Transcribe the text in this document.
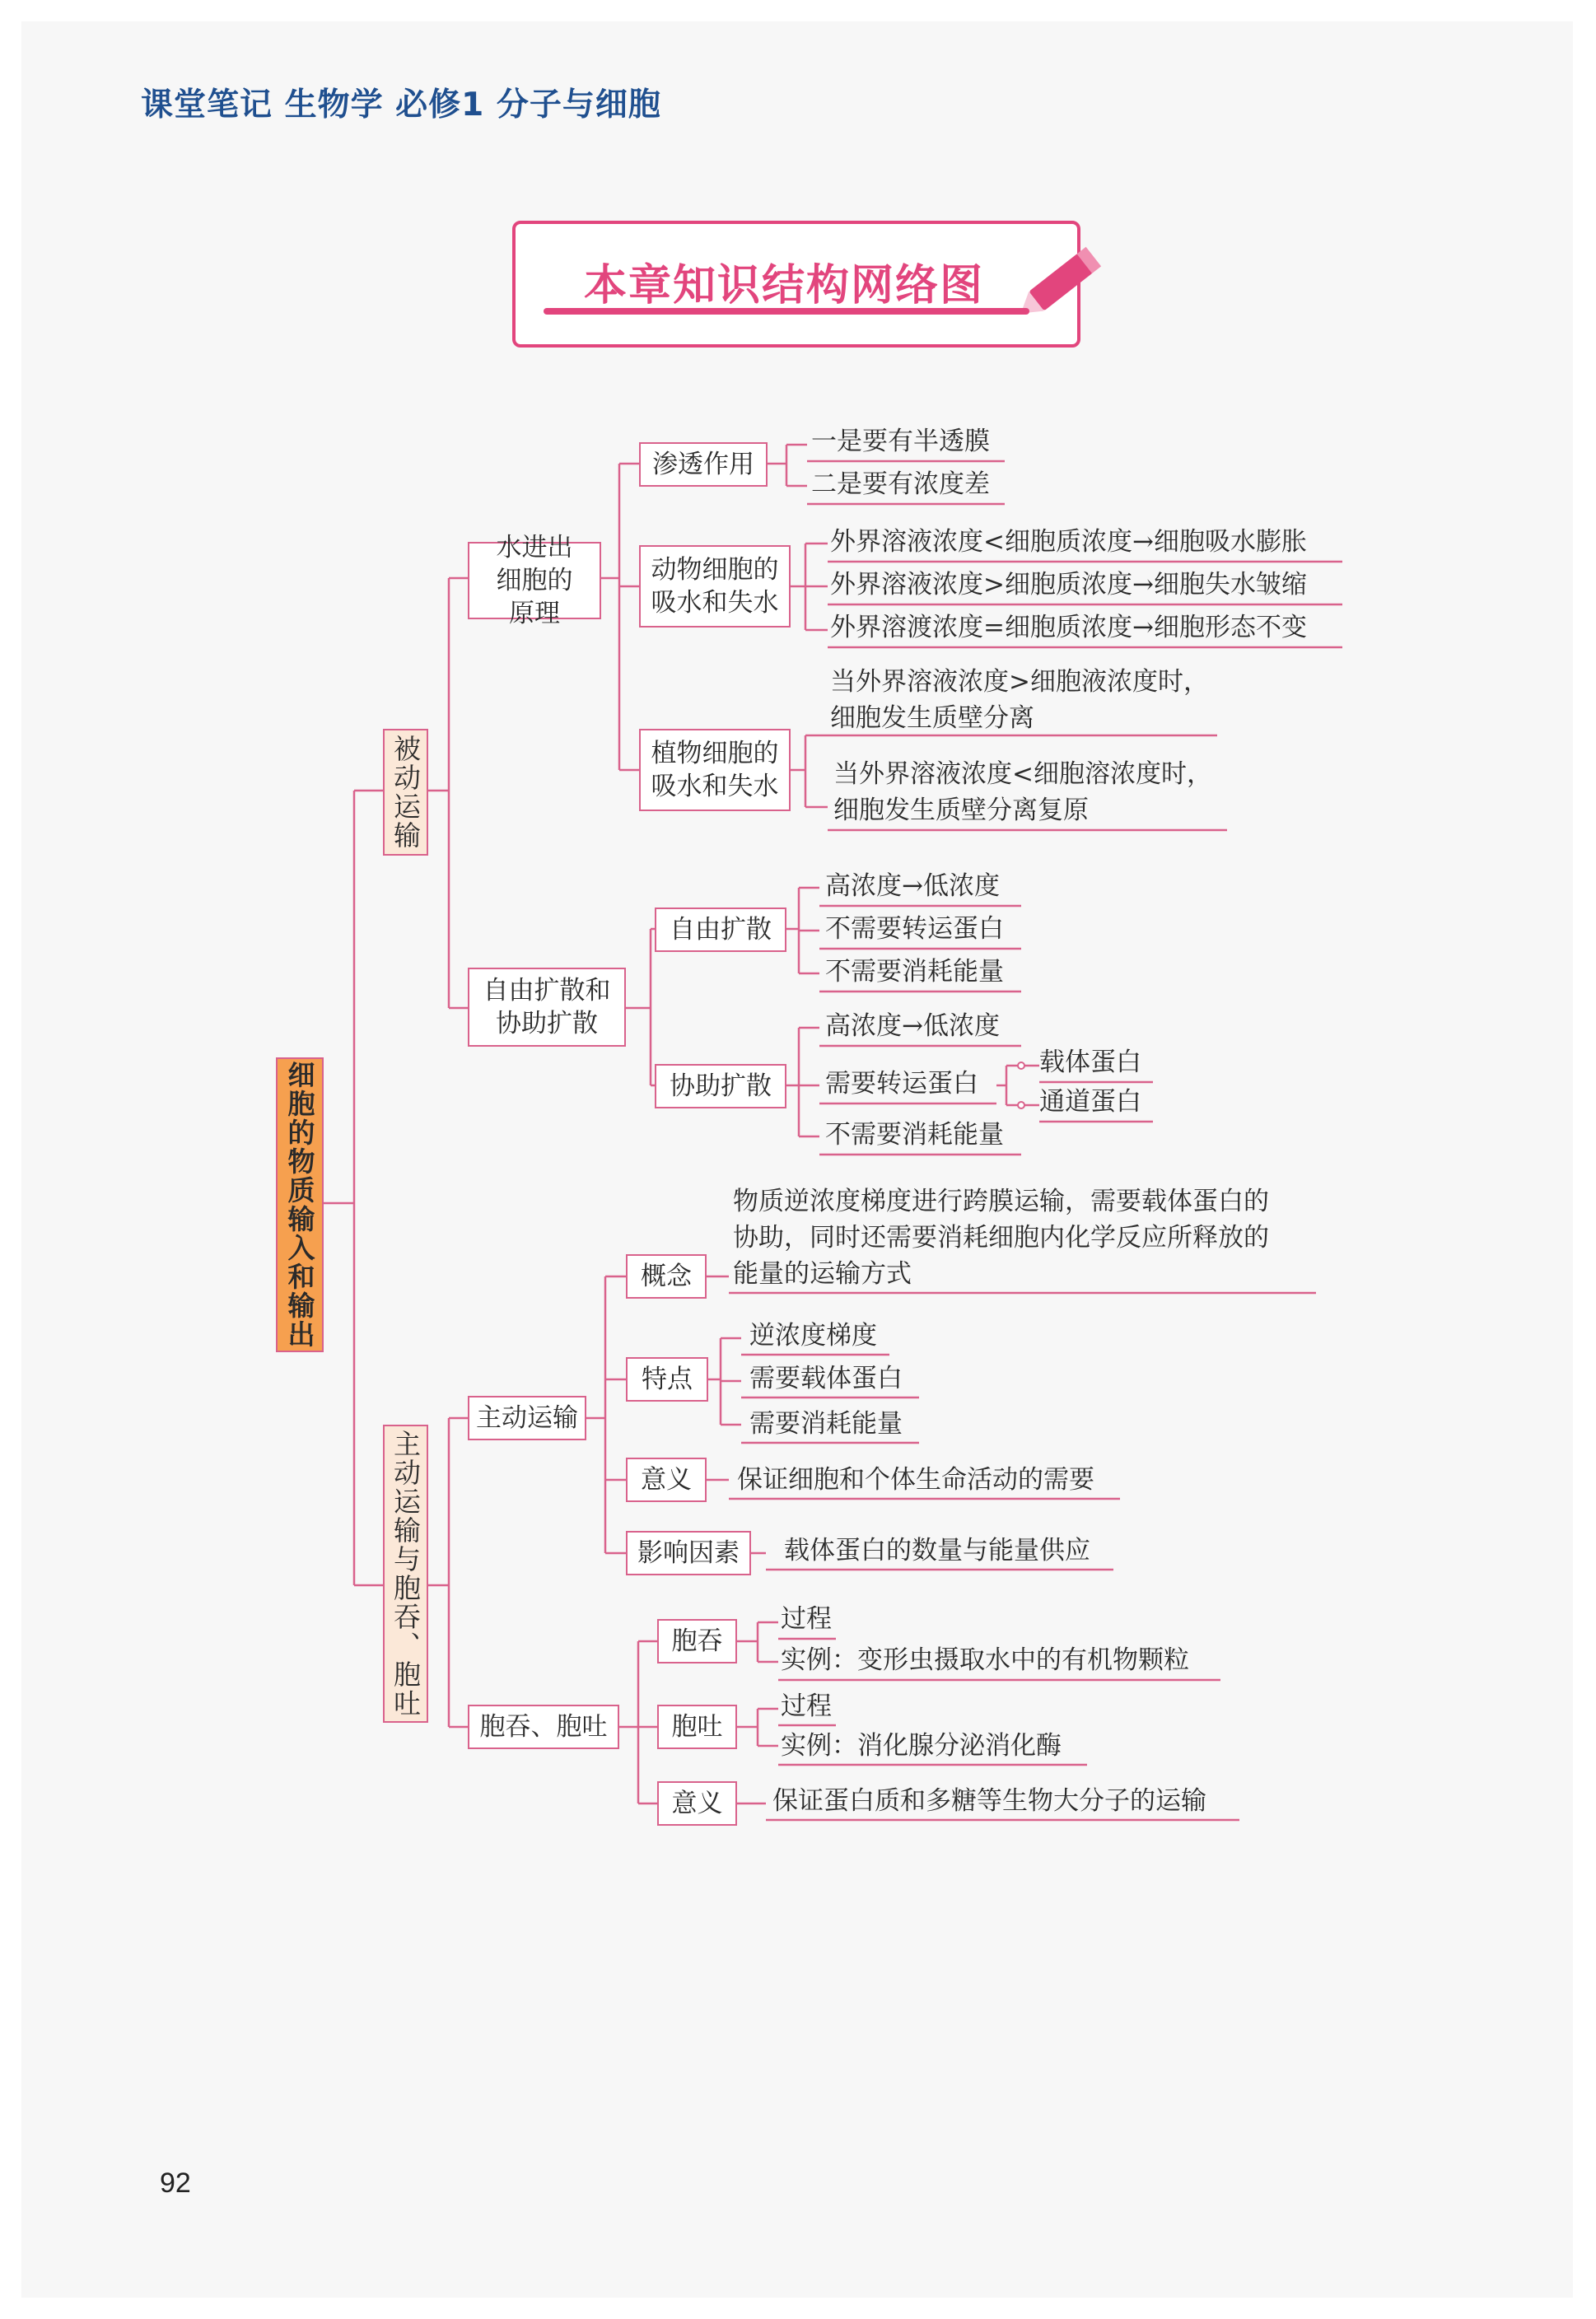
课堂笔记 生物学 必修1 分子与细胞
本章知识结构网络图
细胞的物质输入和输出
被动运输
主动运输与胞吞、胞吐
水进出细胞的原理
自由扩散和协助扩散
主动运输
胞吞、胞吐
渗透作用
动物细胞的吸水和失水
植物细胞的吸水和失水
自由扩散
协助扩散
概念
特点
意义
影响因素
胞吞
胞吐
意义
一是要有半透膜
二是要有浓度差
外界溶液浓度<细胞质浓度→细胞吸水膨胀
外界溶液浓度>细胞质浓度→细胞失水皱缩
外界溶渡浓度=细胞质浓度→细胞形态不变
当外界溶液浓度>细胞液浓度时，
细胞发生质壁分离
当外界溶液浓度<细胞溶浓度时，
细胞发生质壁分离复原
高浓度→低浓度
不需要转运蛋白
不需要消耗能量
高浓度→低浓度
需要转运蛋白
载体蛋白
通道蛋白
不需要消耗能量
物质逆浓度梯度进行跨膜运输，需要载体蛋白的
协助，同时还需要消耗细胞内化学反应所释放的
能量的运输方式
逆浓度梯度
需要载体蛋白
需要消耗能量
保证细胞和个体生命活动的需要
载体蛋白的数量与能量供应
过程
实例：变形虫摄取水中的有机物颗粒
过程
实例：消化腺分泌消化酶
保证蛋白质和多糖等生物大分子的运输
92
